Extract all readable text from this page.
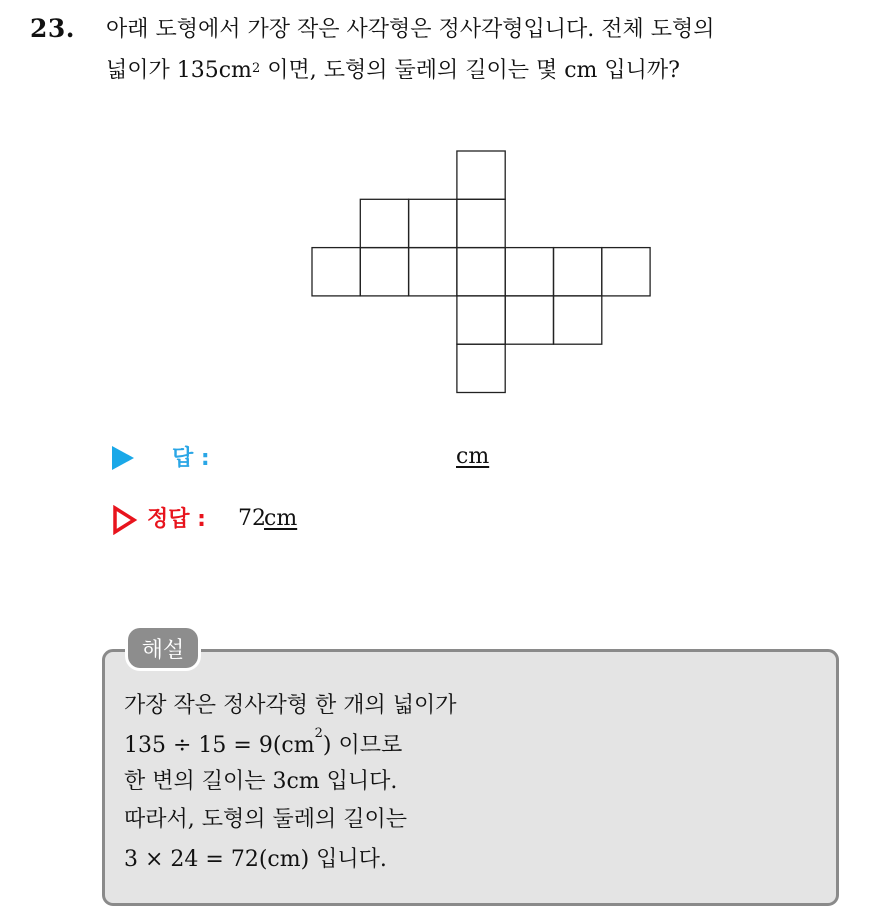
23. 아래 도형에서 가장 작은 사각형은 정사각형입니다. 전체 도형의
넓이가 $135cm^2$ 이면, 도형의 둘레의 길이는 몇 cm 입니까?
답 :	cm
정답 : 72
cm
해설
가장 작은 정사각형 한 개의 넓이가
$135 \div 15 = 9(cm^2)$ 이므로
한 변의 길이는 3cm 입니다.
따라서, 도형의 둘레의 길이는
3 × 24 = 72(cm) 입니다.
